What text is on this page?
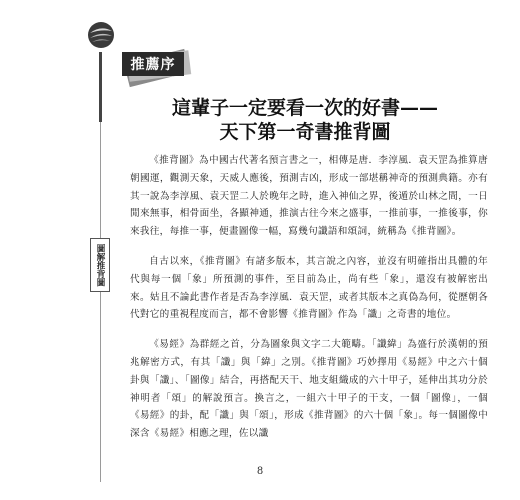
推薦序
這輩子一定要看一次的好書——
天下第一奇書推背圖
圖解推背圖

《推背圖》為中國古代著名預言書之一，相傳是唐．李淳風．袁天罡為推算唐朝國運，觀測天象，天威人應後，預測吉凶，形成一部堪稱神奇的預測典籍。亦有其一說為李淳風、袁天罡二人於晚年之時，進入神仙之界，後遁於山林之間，一日閒來無事，相骨面坐，各顯神通，推演古往今來之盛事，一推前事，一推後事，你來我往，每推一事，便畫圖像一幅，寫幾句讖語和頌詞，統稱為《推背圖》。

自古以來，《推背圖》有諸多版本，其言說之內容，並沒有明確指出具體的年代與每一個「象」所預測的事件，至目前為止，尚有些「象」，還沒有被解密出來。姑且不論此書作者是否為李淳風．袁天罡，或者其版本之真偽為何，從歷朝各代對它的重視程度而言，都不會影響《推背圖》作為「讖」之奇書的地位。

《易經》為群經之首，分為圖象與文字二大範疇。「讖緯」為盛行於漢朝的預兆解密方式，有其「讖」與「緯」之別。《推背圖》巧妙擇用《易經》中之六十個卦與「讖」、「圖像」結合，再搭配天干、地支組織成的六十甲子，延伸出其功分於神明者「頌」的解說預言。換言之，一組六十甲子的干支，一個「圖像」，一個《易經》的卦，配「讖」與「頌」，形成《推背圖》的六十個「象」。每一個圖像中深含《易經》相應之理，佐以讖

8
